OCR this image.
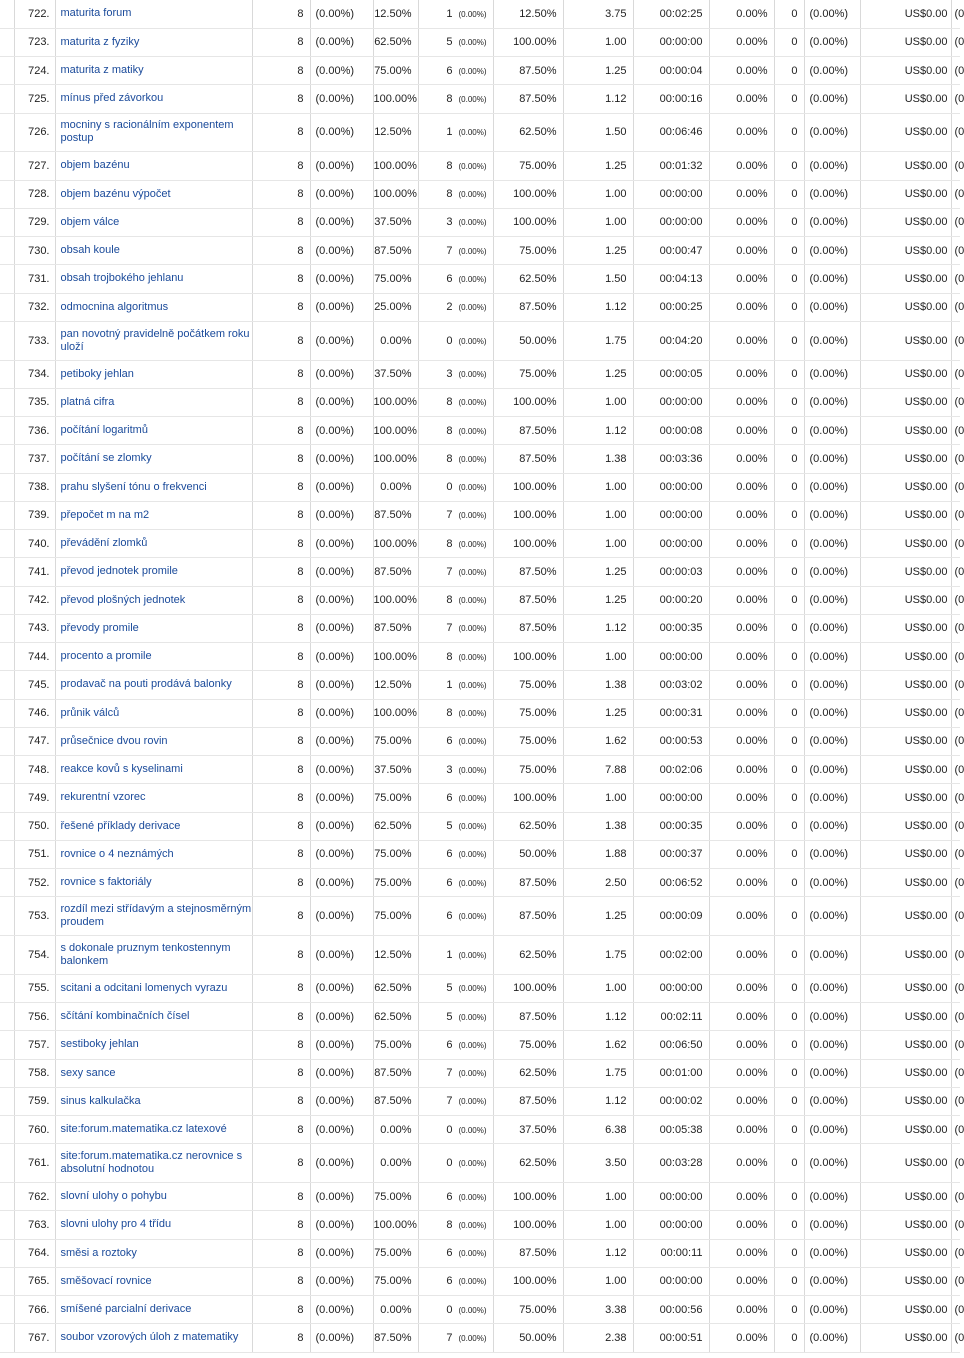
	722.	maturita forum	8	(0.00%)	12.50%	1 (0.00%)	12.50%	3.75	00:02:25	0.00%	0	(0.00%)	US$0.00	(0
	723.	maturita z fyziky	8	(0.00%)	62.50%	5 (0.00%)	100.00%	1.00	00:00:00	0.00%	0	(0.00%)	US$0.00	(0
	724.	maturita z matiky	8	(0.00%)	75.00%	6 (0.00%)	87.50%	1.25	00:00:04	0.00%	0	(0.00%)	US$0.00	(0
	725.	mínus před závorkou	8	(0.00%)	100.00%	8 (0.00%)	87.50%	1.12	00:00:16	0.00%	0	(0.00%)	US$0.00	(0
	726.	mocniny s racionálním exponentem postup	8	(0.00%)	12.50%	1 (0.00%)	62.50%	1.50	00:06:46	0.00%	0	(0.00%)	US$0.00	(0
	727.	objem bazénu	8	(0.00%)	100.00%	8 (0.00%)	75.00%	1.25	00:01:32	0.00%	0	(0.00%)	US$0.00	(0
	728.	objem bazénu výpočet	8	(0.00%)	100.00%	8 (0.00%)	100.00%	1.00	00:00:00	0.00%	0	(0.00%)	US$0.00	(0
	729.	objem válce	8	(0.00%)	37.50%	3 (0.00%)	100.00%	1.00	00:00:00	0.00%	0	(0.00%)	US$0.00	(0
	730.	obsah koule	8	(0.00%)	87.50%	7 (0.00%)	75.00%	1.25	00:00:47	0.00%	0	(0.00%)	US$0.00	(0
	731.	obsah trojbokého jehlanu	8	(0.00%)	75.00%	6 (0.00%)	62.50%	1.50	00:04:13	0.00%	0	(0.00%)	US$0.00	(0
	732.	odmocnina algoritmus	8	(0.00%)	25.00%	2 (0.00%)	87.50%	1.12	00:00:25	0.00%	0	(0.00%)	US$0.00	(0
	733.	pan novotný pravidelně počátkem roku uloží	8	(0.00%)	0.00%	0 (0.00%)	50.00%	1.75	00:04:20	0.00%	0	(0.00%)	US$0.00	(0
	734.	petiboky jehlan	8	(0.00%)	37.50%	3 (0.00%)	75.00%	1.25	00:00:05	0.00%	0	(0.00%)	US$0.00	(0
	735.	platná cifra	8	(0.00%)	100.00%	8 (0.00%)	100.00%	1.00	00:00:00	0.00%	0	(0.00%)	US$0.00	(0
	736.	počítání logaritmů	8	(0.00%)	100.00%	8 (0.00%)	87.50%	1.12	00:00:08	0.00%	0	(0.00%)	US$0.00	(0
	737.	počítání se zlomky	8	(0.00%)	100.00%	8 (0.00%)	87.50%	1.38	00:03:36	0.00%	0	(0.00%)	US$0.00	(0
	738.	prahu slyšení tónu o frekvenci	8	(0.00%)	0.00%	0 (0.00%)	100.00%	1.00	00:00:00	0.00%	0	(0.00%)	US$0.00	(0
	739.	přepočet m na m2	8	(0.00%)	87.50%	7 (0.00%)	100.00%	1.00	00:00:00	0.00%	0	(0.00%)	US$0.00	(0
	740.	převádění zlomků	8	(0.00%)	100.00%	8 (0.00%)	100.00%	1.00	00:00:00	0.00%	0	(0.00%)	US$0.00	(0
	741.	převod jednotek promile	8	(0.00%)	87.50%	7 (0.00%)	87.50%	1.25	00:00:03	0.00%	0	(0.00%)	US$0.00	(0
	742.	převod plošných jednotek	8	(0.00%)	100.00%	8 (0.00%)	87.50%	1.25	00:00:20	0.00%	0	(0.00%)	US$0.00	(0
	743.	převody promile	8	(0.00%)	87.50%	7 (0.00%)	87.50%	1.12	00:00:35	0.00%	0	(0.00%)	US$0.00	(0
	744.	procento a promile	8	(0.00%)	100.00%	8 (0.00%)	100.00%	1.00	00:00:00	0.00%	0	(0.00%)	US$0.00	(0
	745.	prodavač na pouti prodává balonky	8	(0.00%)	12.50%	1 (0.00%)	75.00%	1.38	00:03:02	0.00%	0	(0.00%)	US$0.00	(0
	746.	průnik válců	8	(0.00%)	100.00%	8 (0.00%)	75.00%	1.25	00:00:31	0.00%	0	(0.00%)	US$0.00	(0
	747.	průsečnice dvou rovin	8	(0.00%)	75.00%	6 (0.00%)	75.00%	1.62	00:00:53	0.00%	0	(0.00%)	US$0.00	(0
	748.	reakce kovů s kyselinami	8	(0.00%)	37.50%	3 (0.00%)	75.00%	7.88	00:02:06	0.00%	0	(0.00%)	US$0.00	(0
	749.	rekurentní vzorec	8	(0.00%)	75.00%	6 (0.00%)	100.00%	1.00	00:00:00	0.00%	0	(0.00%)	US$0.00	(0
	750.	řešené příklady derivace	8	(0.00%)	62.50%	5 (0.00%)	62.50%	1.38	00:00:35	0.00%	0	(0.00%)	US$0.00	(0
	751.	rovnice o 4 neznámých	8	(0.00%)	75.00%	6 (0.00%)	50.00%	1.88	00:00:37	0.00%	0	(0.00%)	US$0.00	(0
	752.	rovnice s faktoriály	8	(0.00%)	75.00%	6 (0.00%)	87.50%	2.50	00:06:52	0.00%	0	(0.00%)	US$0.00	(0
	753.	rozdíl mezi střídavým a stejnosměrným proudem	8	(0.00%)	75.00%	6 (0.00%)	87.50%	1.25	00:00:09	0.00%	0	(0.00%)	US$0.00	(0
	754.	s dokonale pruznym tenkostennym balonkem	8	(0.00%)	12.50%	1 (0.00%)	62.50%	1.75	00:02:00	0.00%	0	(0.00%)	US$0.00	(0
	755.	scitani a odcitani lomenych vyrazu	8	(0.00%)	62.50%	5 (0.00%)	100.00%	1.00	00:00:00	0.00%	0	(0.00%)	US$0.00	(0
	756.	sčítání kombinačních čísel	8	(0.00%)	62.50%	5 (0.00%)	87.50%	1.12	00:02:11	0.00%	0	(0.00%)	US$0.00	(0
	757.	sestiboky jehlan	8	(0.00%)	75.00%	6 (0.00%)	75.00%	1.62	00:06:50	0.00%	0	(0.00%)	US$0.00	(0
	758.	sexy sance	8	(0.00%)	87.50%	7 (0.00%)	62.50%	1.75	00:01:00	0.00%	0	(0.00%)	US$0.00	(0
	759.	sinus kalkulačka	8	(0.00%)	87.50%	7 (0.00%)	87.50%	1.12	00:00:02	0.00%	0	(0.00%)	US$0.00	(0
	760.	site:forum.matematika.cz latexové	8	(0.00%)	0.00%	0 (0.00%)	37.50%	6.38	00:05:38	0.00%	0	(0.00%)	US$0.00	(0
	761.	site:forum.matematika.cz nerovnice s absolutní hodnotou	8	(0.00%)	0.00%	0 (0.00%)	62.50%	3.50	00:03:28	0.00%	0	(0.00%)	US$0.00	(0
	762.	slovní ulohy o pohybu	8	(0.00%)	75.00%	6 (0.00%)	100.00%	1.00	00:00:00	0.00%	0	(0.00%)	US$0.00	(0
	763.	slovni ulohy pro 4 třídu	8	(0.00%)	100.00%	8 (0.00%)	100.00%	1.00	00:00:00	0.00%	0	(0.00%)	US$0.00	(0
	764.	směsi a roztoky	8	(0.00%)	75.00%	6 (0.00%)	87.50%	1.12	00:00:11	0.00%	0	(0.00%)	US$0.00	(0
	765.	směšovací rovnice	8	(0.00%)	75.00%	6 (0.00%)	100.00%	1.00	00:00:00	0.00%	0	(0.00%)	US$0.00	(0
	766.	smíšené parcialní derivace	8	(0.00%)	0.00%	0 (0.00%)	75.00%	3.38	00:00:56	0.00%	0	(0.00%)	US$0.00	(0
	767.	soubor vzorových úloh z matematiky	8	(0.00%)	87.50%	7 (0.00%)	50.00%	2.38	00:00:51	0.00%	0	(0.00%)	US$0.00	(0
